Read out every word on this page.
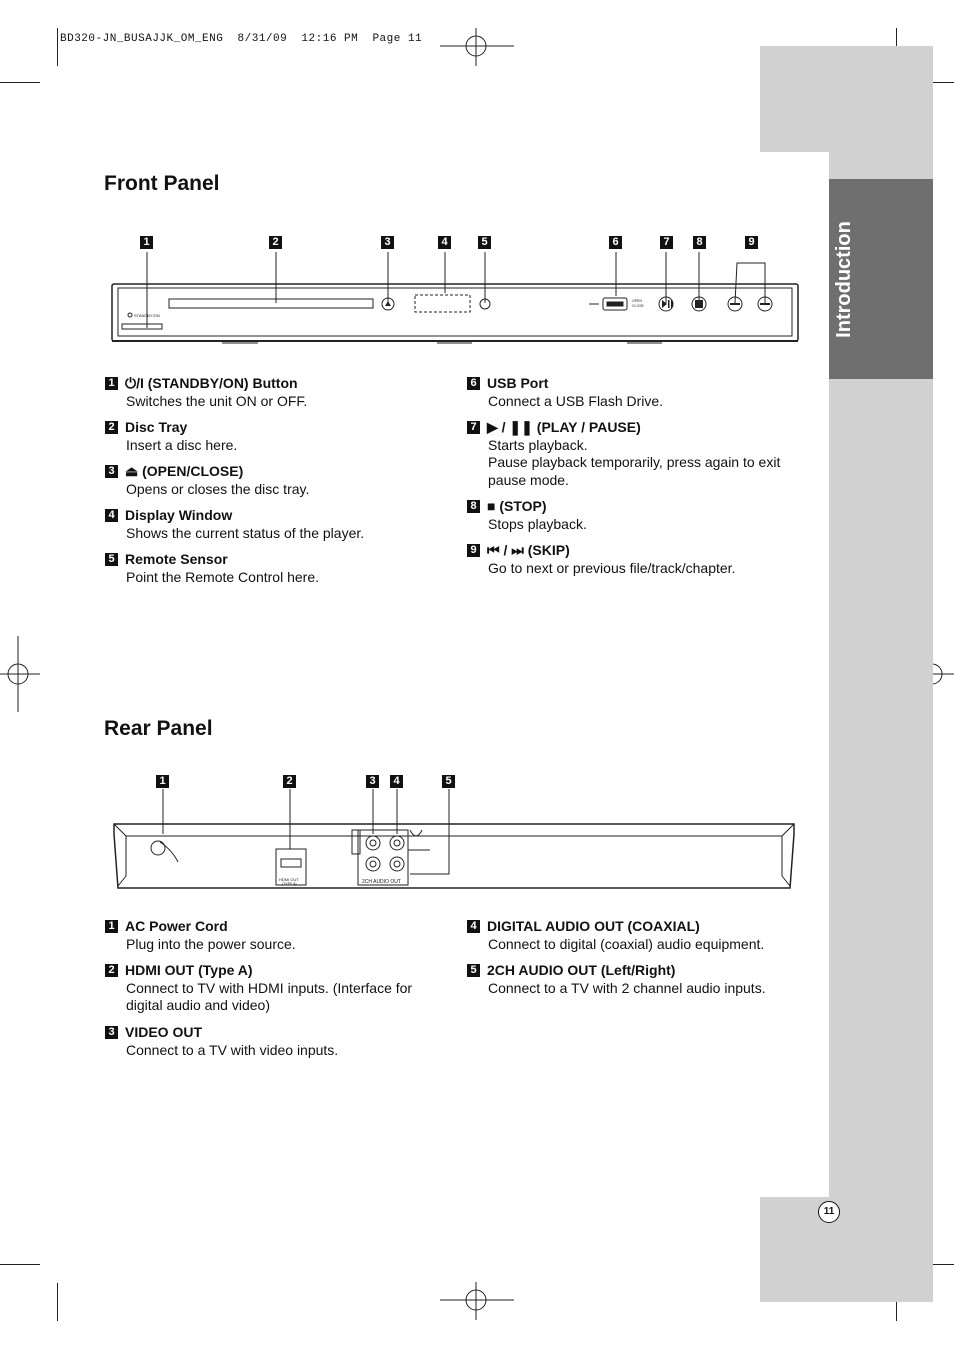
BD320-JN_BUSAJJK_OM_ENG  8/31/09  12:16 PM  Page 11
Introduction
Front Panel
1	2	3	4	5	6	7	8	9
STANDBY/ON
OPEN
CLOSE
1 ⏻/I (STANDBY/ON) Button
Switches the unit ON or OFF.
2 Disc Tray
Insert a disc here.
3 ⏏ (OPEN/CLOSE)
Opens or closes the disc tray.
4 Display Window
Shows the current status of the player.
5 Remote Sensor
Point the Remote Control here.
6 USB Port
Connect a USB Flash Drive.
7 ▶ / ❚❚ (PLAY / PAUSE)
Starts playback.
Pause playback temporarily, press again to exit pause mode.
8 ■ (STOP)
Stops playback.
9 ⏮ / ⏭ (SKIP)
Go to next or previous file/track/chapter.
Rear Panel
1	2	3	4	5
HDMI OUT
(TYPE A)	2CH AUDIO OUT
1 AC Power Cord
Plug into the power source.
2 HDMI OUT (Type A)
Connect to TV with HDMI inputs. (Interface for digital audio and video)
3 VIDEO OUT
Connect to a TV with video inputs.
4 DIGITAL AUDIO OUT (COAXIAL)
Connect to digital (coaxial) audio equipment.
5 2CH AUDIO OUT (Left/Right)
Connect to a TV with 2 channel audio inputs.
11
